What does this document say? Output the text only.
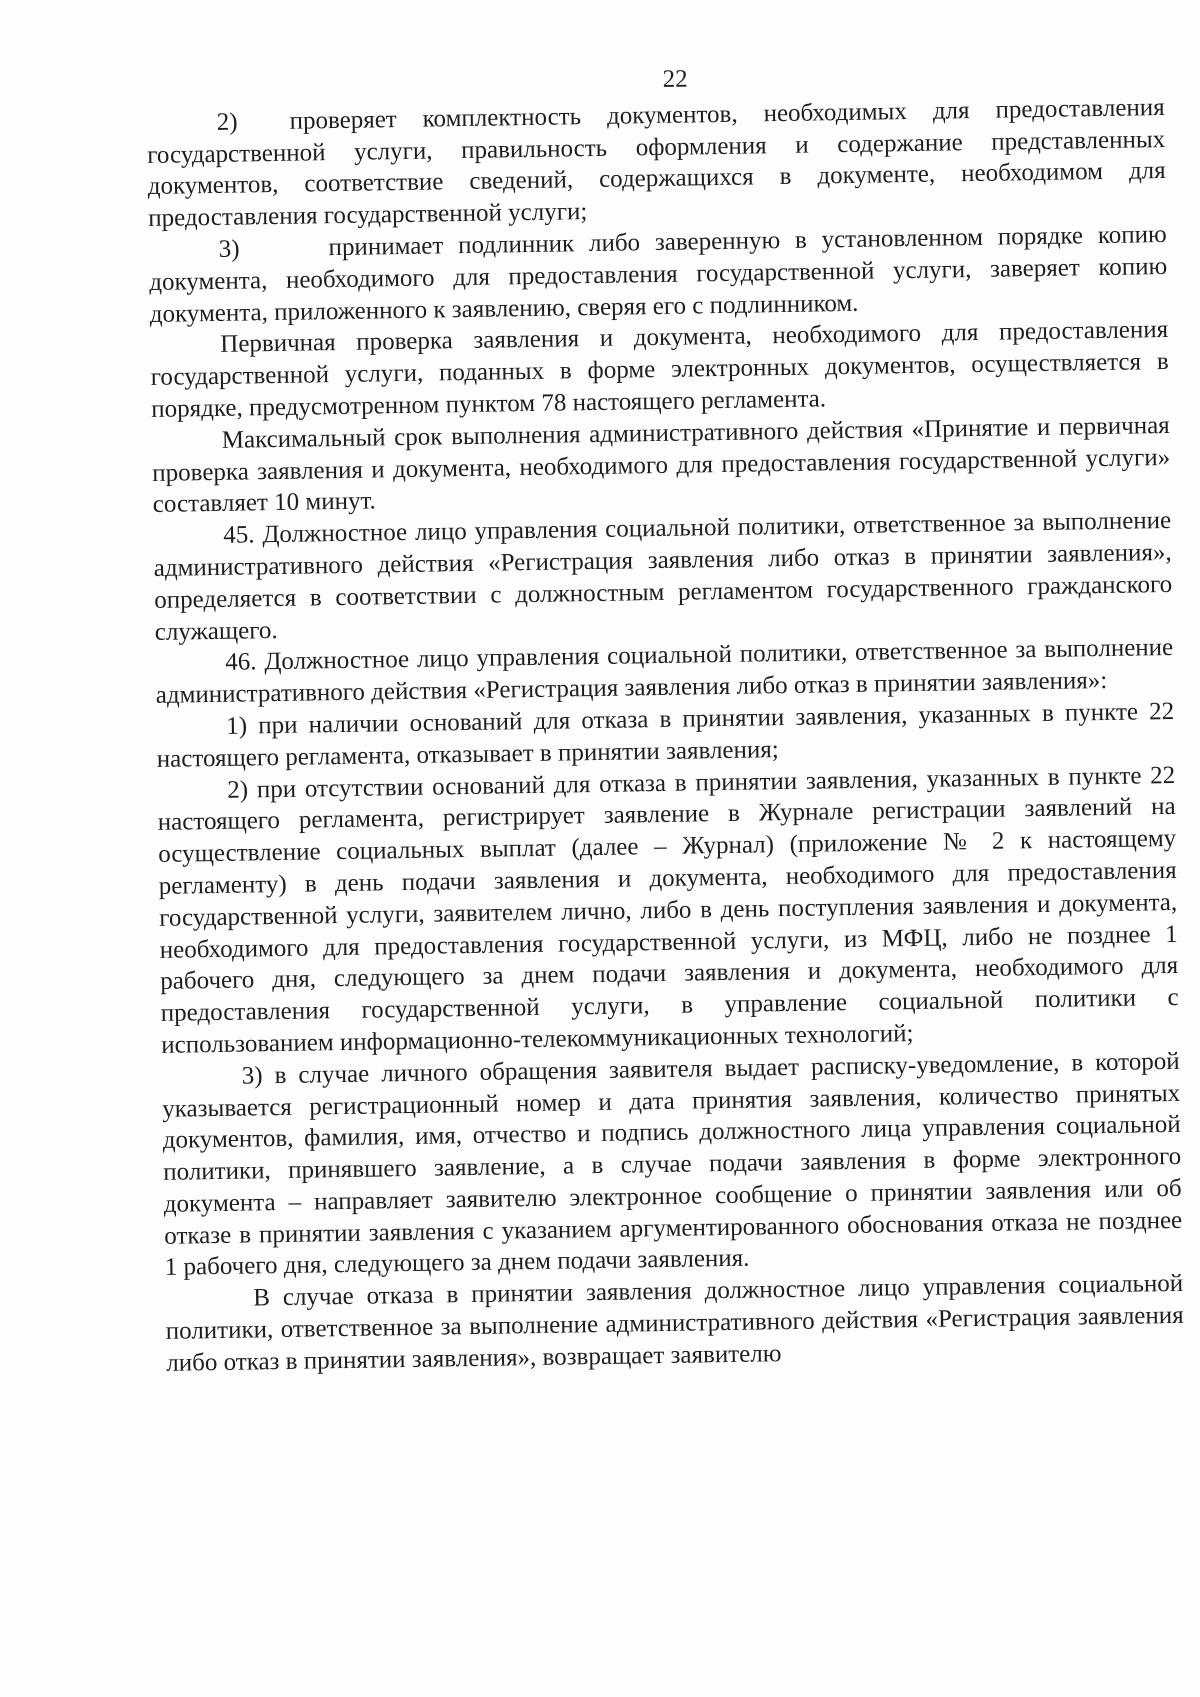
22

2)  проверяет комплектность документов, необходимых для предоставления государственной услуги, правильность оформления и содержание представленных документов, соответствие сведений, содержащихся в документе, необходимом для предоставления государственной услуги;

3)      принимает подлинник либо заверенную в установленном порядке копию документа, необходимого для предоставления государственной услуги, заверяет копию документа, приложенного к заявлению, сверяя его с подлинником.

Первичная проверка заявления и документа, необходимого для предоставления государственной услуги, поданных в форме электронных документов, осуществляется в порядке, предусмотренном пунктом 78 настоящего регламента.

Максимальный срок выполнения административного действия «Принятие и первичная проверка заявления и документа, необходимого для предоставления государственной услуги» составляет 10 минут.

45. Должностное лицо управления социальной политики, ответственное за выполнение административного действия «Регистрация заявления либо отказ в принятии заявления», определяется в соответствии с должностным регламентом государственного гражданского служащего.

46. Должностное лицо управления социальной политики, ответственное за выполнение административного действия «Регистрация заявления либо отказ в принятии заявления»:

1) при наличии оснований для отказа в принятии заявления, указанных в пункте 22 настоящего регламента, отказывает в принятии заявления;

2) при отсутствии оснований для отказа в принятии заявления, указанных в пункте 22 настоящего регламента, регистрирует заявление в Журнале регистрации заявлений на осуществление социальных выплат (далее – Журнал) (приложение № 2 к настоящему регламенту) в день подачи заявления и документа, необходимого для предоставления государственной услуги, заявителем лично, либо в день поступления заявления и документа, необходимого для предоставления государственной услуги, из МФЦ, либо не позднее 1 рабочего дня, следующего за днем подачи заявления и документа, необходимого для предоставления государственной услуги, в управление социальной политики с использованием информационно-телекоммуникационных технологий;

3) в случае личного обращения заявителя выдает расписку-уведомление, в которой указывается регистрационный номер и дата принятия заявления, количество принятых документов, фамилия, имя, отчество и подпись должностного лица управления социальной политики, принявшего заявление, а в случае подачи заявления в форме электронного документа – направляет заявителю электронное сообщение о принятии заявления или об отказе в принятии заявления с указанием аргументированного обоснования отказа не позднее 1 рабочего дня, следующего за днем подачи заявления.

В случае отказа в принятии заявления должностное лицо управления социальной политики, ответственное за выполнение административного действия «Регистрация заявления либо отказ в принятии заявления», возвращает заявителю
